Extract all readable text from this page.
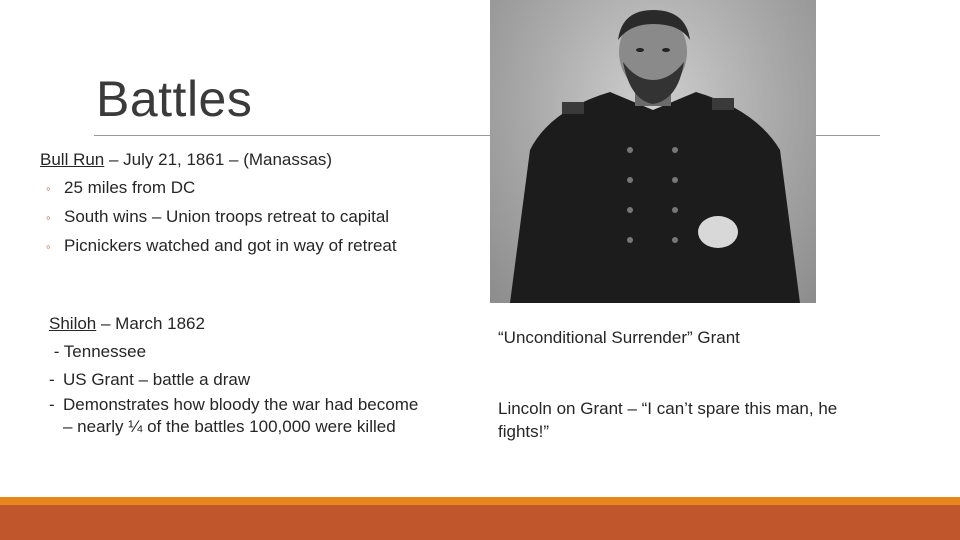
Battles
Bull Run – July 21, 1861 – (Manassas)
◦ 25 miles from DC
◦ South wins – Union troops retreat to capital
◦ Picnickers watched and got in way of retreat
Shiloh – March 1862
- Tennessee
- US Grant – battle a draw
- Demonstrates how bloody the war had become
– nearly ¼ of the battles 100,000 were killed
“Unconditional Surrender” Grant
Lincoln on Grant – “I can’t spare this man, he
fights!”
